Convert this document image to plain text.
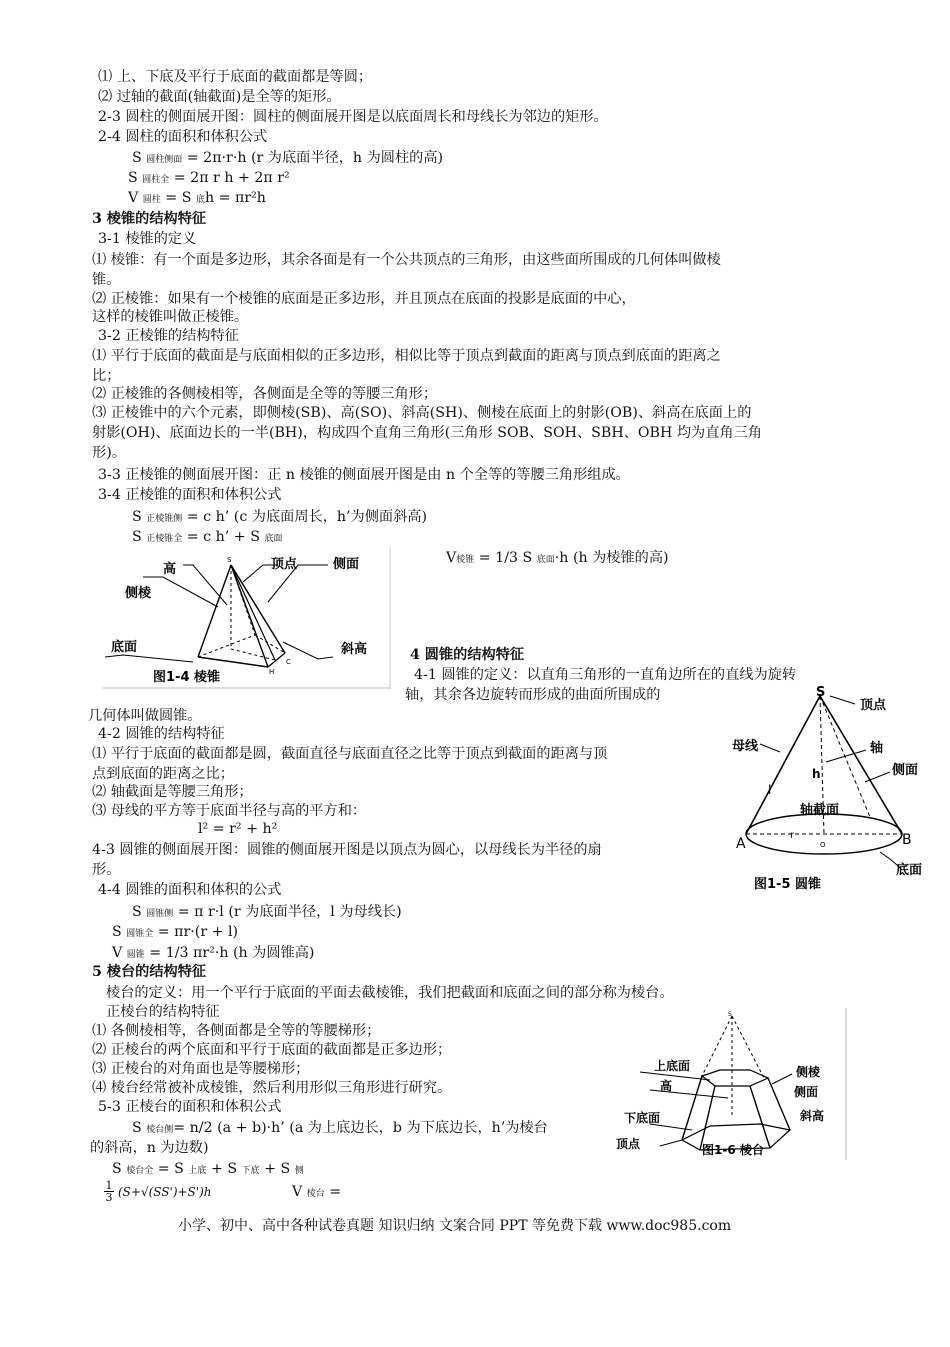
⑴ 上、下底及平行于底面的截面都是等圆；
⑵ 过轴的截面(轴截面)是全等的矩形。
2-3 圆柱的侧面展开图：圆柱的侧面展开图是以底面周长和母线长为邻边的矩形。
2-4 圆柱的面积和体积公式
S 圆柱侧面 = 2π·r·h (r 为底面半径，h 为圆柱的高)
S 圆柱全 = 2π r h + 2π r²
V 圆柱 = S 底h = πr²h
3 棱锥的结构特征
3-1 棱锥的定义
⑴ 棱锥：有一个面是多边形，其余各面是有一个公共顶点的三角形，由这些面所围成的几何体叫做棱
锥。
⑵ 正棱锥：如果有一个棱锥的底面是正多边形，并且顶点在底面的投影是底面的中心，
这样的棱锥叫做正棱锥。
3-2 正棱锥的结构特征
⑴ 平行于底面的截面是与底面相似的正多边形，相似比等于顶点到截面的距离与顶点到底面的距离之
比；
⑵ 正棱锥的各侧棱相等，各侧面是全等的等腰三角形；
⑶ 正棱锥中的六个元素，即侧棱(SB)、高(SO)、斜高(SH)、侧棱在底面上的射影(OB)、斜高在底面上的
射影(OH)、底面边长的一半(BH)，构成四个直角三角形(三角形 SOB、SOH、SBH、OBH 均为直角三角
形)。
3-3 正棱锥的侧面展开图：正 n 棱锥的侧面展开图是由 n 个全等的等腰三角形组成。
3-4 正棱锥的面积和体积公式
S 正棱锥侧 = c h’ (c 为底面周长，h’为侧面斜高)
S 正棱锥全 = c h’ + S 底面
V棱锥 = 1/3 S 底面·h (h 为棱锥的高)
高	顶点	侧面
侧棱
底面	斜高
S
C
H
图1-4 棱锥
4 圆锥的结构特征
4-1 圆锥的定义：以直角三角形的一直角边所在的直线为旋转
轴，其余各边旋转而形成的曲面所围成的
几何体叫做圆锥。
4-2 圆锥的结构特征
⑴ 平行于底面的截面都是圆，截面直径与底面直径之比等于顶点到截面的距离与顶
点到底面的距离之比；
⑵ 轴截面是等腰三角形；
⑶ 母线的平方等于底面半径与高的平方和：
l² = r² + h²
4-3 圆锥的侧面展开图：圆锥的侧面展开图是以顶点为圆心，以母线长为半径的扇
形。
4-4 圆锥的面积和体积的公式
S 圆锥侧 = π r·l (r 为底面半径，l 为母线长)
S 圆锥全 = πr·(r + l)
V 圆锥 = 1/3 πr²·h (h 为圆锥高)
S
顶点
母线	轴
侧面
h
l
轴截面
r
O
A	B
底面
图1-5 圆锥
5 棱台的结构特征
棱台的定义：用一个平行于底面的平面去截棱锥，我们把截面和底面之间的部分称为棱台。
正棱台的结构特征
⑴ 各侧棱相等，各侧面都是全等的等腰梯形；
⑵ 正棱台的两个底面和平行于底面的截面都是正多边形；
⑶ 正棱台的对角面也是等腰梯形；
⑷ 棱台经常被补成棱锥，然后利用形似三角形进行研究。
5-3 正棱台的面积和体积公式
S 棱台侧= n/2 (a + b)·h’ (a 为上底边长，b 为下底边长，h’为棱台
的斜高，n 为边数)
S 棱台全 = S 上底 + S 下底 + S 侧
1
3 (S+√(SS')+S')h	V 棱台 =
S
上底面	侧棱
高	侧面
下底面	斜高
顶点	图1-6 棱台
小学、初中、高中各种试卷真题 知识归纳 文案合同 PPT 等免费下载 www.doc985.com
